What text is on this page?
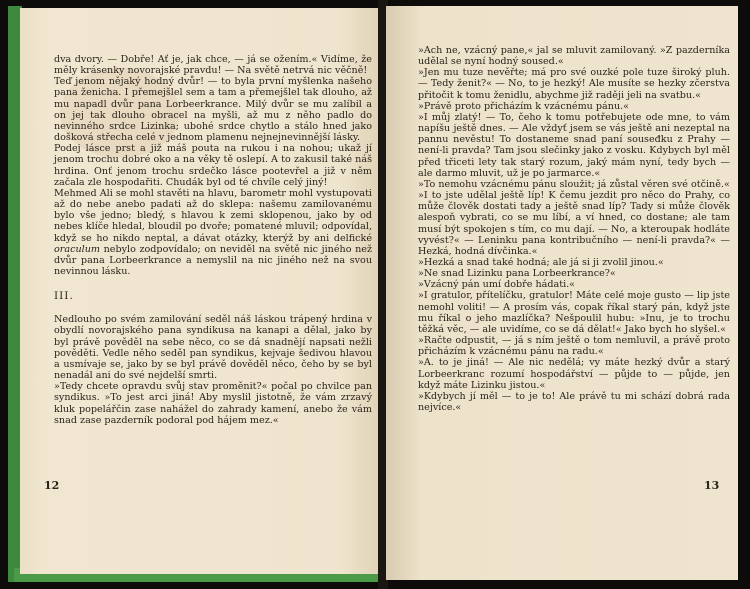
dva dvory. — Dobře! Ať je, jak chce, — já se ožením.« Vidíme, že měly krásenky novorajské pravdu! — Na světě netrvá nic věčně!

Teď jenom nějaký hodný dvůr! — to byla první myšlenka našeho pana ženicha. I přemejšlel sem a tam a přemejšlel tak dlouho, až mu napadl dvůr pana Lorbeerkrance. Milý dvůr se mu zalíbil a on jej tak dlouho obracel na myšli, až mu z něho padlo do nevinného srdce Lizinka; ubohé srdce chytlo a stálo hned jako došková střecha celé v jednom plamenu nejnejnevinnější lásky.

Podej lásce prst a již máš pouta na rukou i na nohou; ukaž jí jenom trochu dobré oko a na věky tě oslepí. A to zakusil také náš hrdina. Onť jenom trochu srdečko lásce pootevřel a již v něm začala zle hospodařiti. Chudák byl od té chvíle celý jiný!

Mehmed Ali se mohl stavěti na hlavu, barometr mohl vystupovati až do nebe anebo padati až do sklepa: našemu zamilovanému bylo vše jedno; bledý, s hlavou k zemi sklopenou, jako by od nebes klíče hledal, bloudil po dvoře; pomatené mluvil; odpovídal, když se ho nikdo neptal, a dávat otázky, kterýž by ani delfické oraculum nebylo zodpovídalo; on neviděl na světě nic jiného než dvůr pana Lorbeerkrance a nemyslil na nic jiného než na svou nevinnou lásku.

III.

Nedlouho po svém zamilování seděl náš láskou trápený hrdina v obydlí novorajského pana syndikusa na kanapi a dělal, jako by byl právě pověděl na sebe něco, co se dá snadnějí napsati nežli pověděti. Vedle něho seděl pan syndikus, kejvaje šedivou hlavou a usmívaje se, jako by se byl právě dověděl něco, čeho by se byl nenadál ani do své nejdelší smrti.

»Tedy chcete opravdu svůj stav proměnit?« počal po chvilce pan syndikus. »To jest arci jiná! Aby myslil jistotně, že vám zrzavý kluk popelářčin zase nahážel do zahrady kamení, anebo že vám snad zase pazderník podoral pod hájem mez.«

12

»Ach ne, vzácný pane,« jal se mluvit zamilovaný. »Z pazderníka udělal se nyní hodný soused.«

»Jen mu tuze nevěřte; má pro své ouzké pole tuze široký pluh. — Tedy ženit?« — No, to je hezký! Ale musíte se hezky zčerstva přitočit k tomu ženidlu, abychme již raději jeli na svatbu.«

»Právě proto přicházím k vzácnému pánu.«

»I můj zlatý! — To, čeho k tomu potřebujete ode mne, to vám napíšu ještě dnes. — Ale vždyť jsem se vás ještě ani nezeptal na pannu nevěstu! To dostaneme snad paní souseđku z Prahy — není-li pravda? Tam jsou slečinky jako z vosku. Kdybych byl měl před třiceti lety tak starý rozum, jaký mám nyní, tedy bych — ale darmo mluvit, už je po jarmarce.«

»To nemohu vzácnému pánu sloužit; já zůstal věren své otčině.«

»I to jste udělal ještě líp! K čemu jezdit pro něco do Prahy, co může člověk dostati tady a ještě snad líp? Tady si může člověk alespoň vybrati, co se mu líbí, a ví hned, co dostane; ale tam musí být spokojen s tím, co mu dají. — No, a kteroupak hodláte vyvést?« — Leninku pana kontribučního — není-li pravda?« — Hezká, hodná dívčinka.«

»Hezká a snad také hodná; ale já si ji zvolil jinou.«

»Ne snad Lizinku pana Lorbeerkrance?«

»Vzácný pán umí dobře hádati.«

»I gratulor, přítelíčku, gratulor! Máte celé moje gusto — lip jste nemohl voliti! — A prosím vás, copak říkal starý pán, když jste mu říkal o jeho mazlíčka? Nešpoulil hubu: »Inu, je to trochu těžká věc, — ale uvidíme, co se dá dělat!« Jako bych ho slyšel.«

»Račte odpustit, — já s ním ještě o tom nemluvil, a právě proto přicházím k vzácnému pánu na radu.«

»A. to je jiná! — Ale nic nedělá; vy máte hezký dvůr a starý Lorbeerkranc rozumí hospodářství — půjde to — půjde, jen když máte Lizinku jistou.«

»Kdybych jí měl — to je to! Ale právě tu mi schází dobrá rada nejvíce.«

13
